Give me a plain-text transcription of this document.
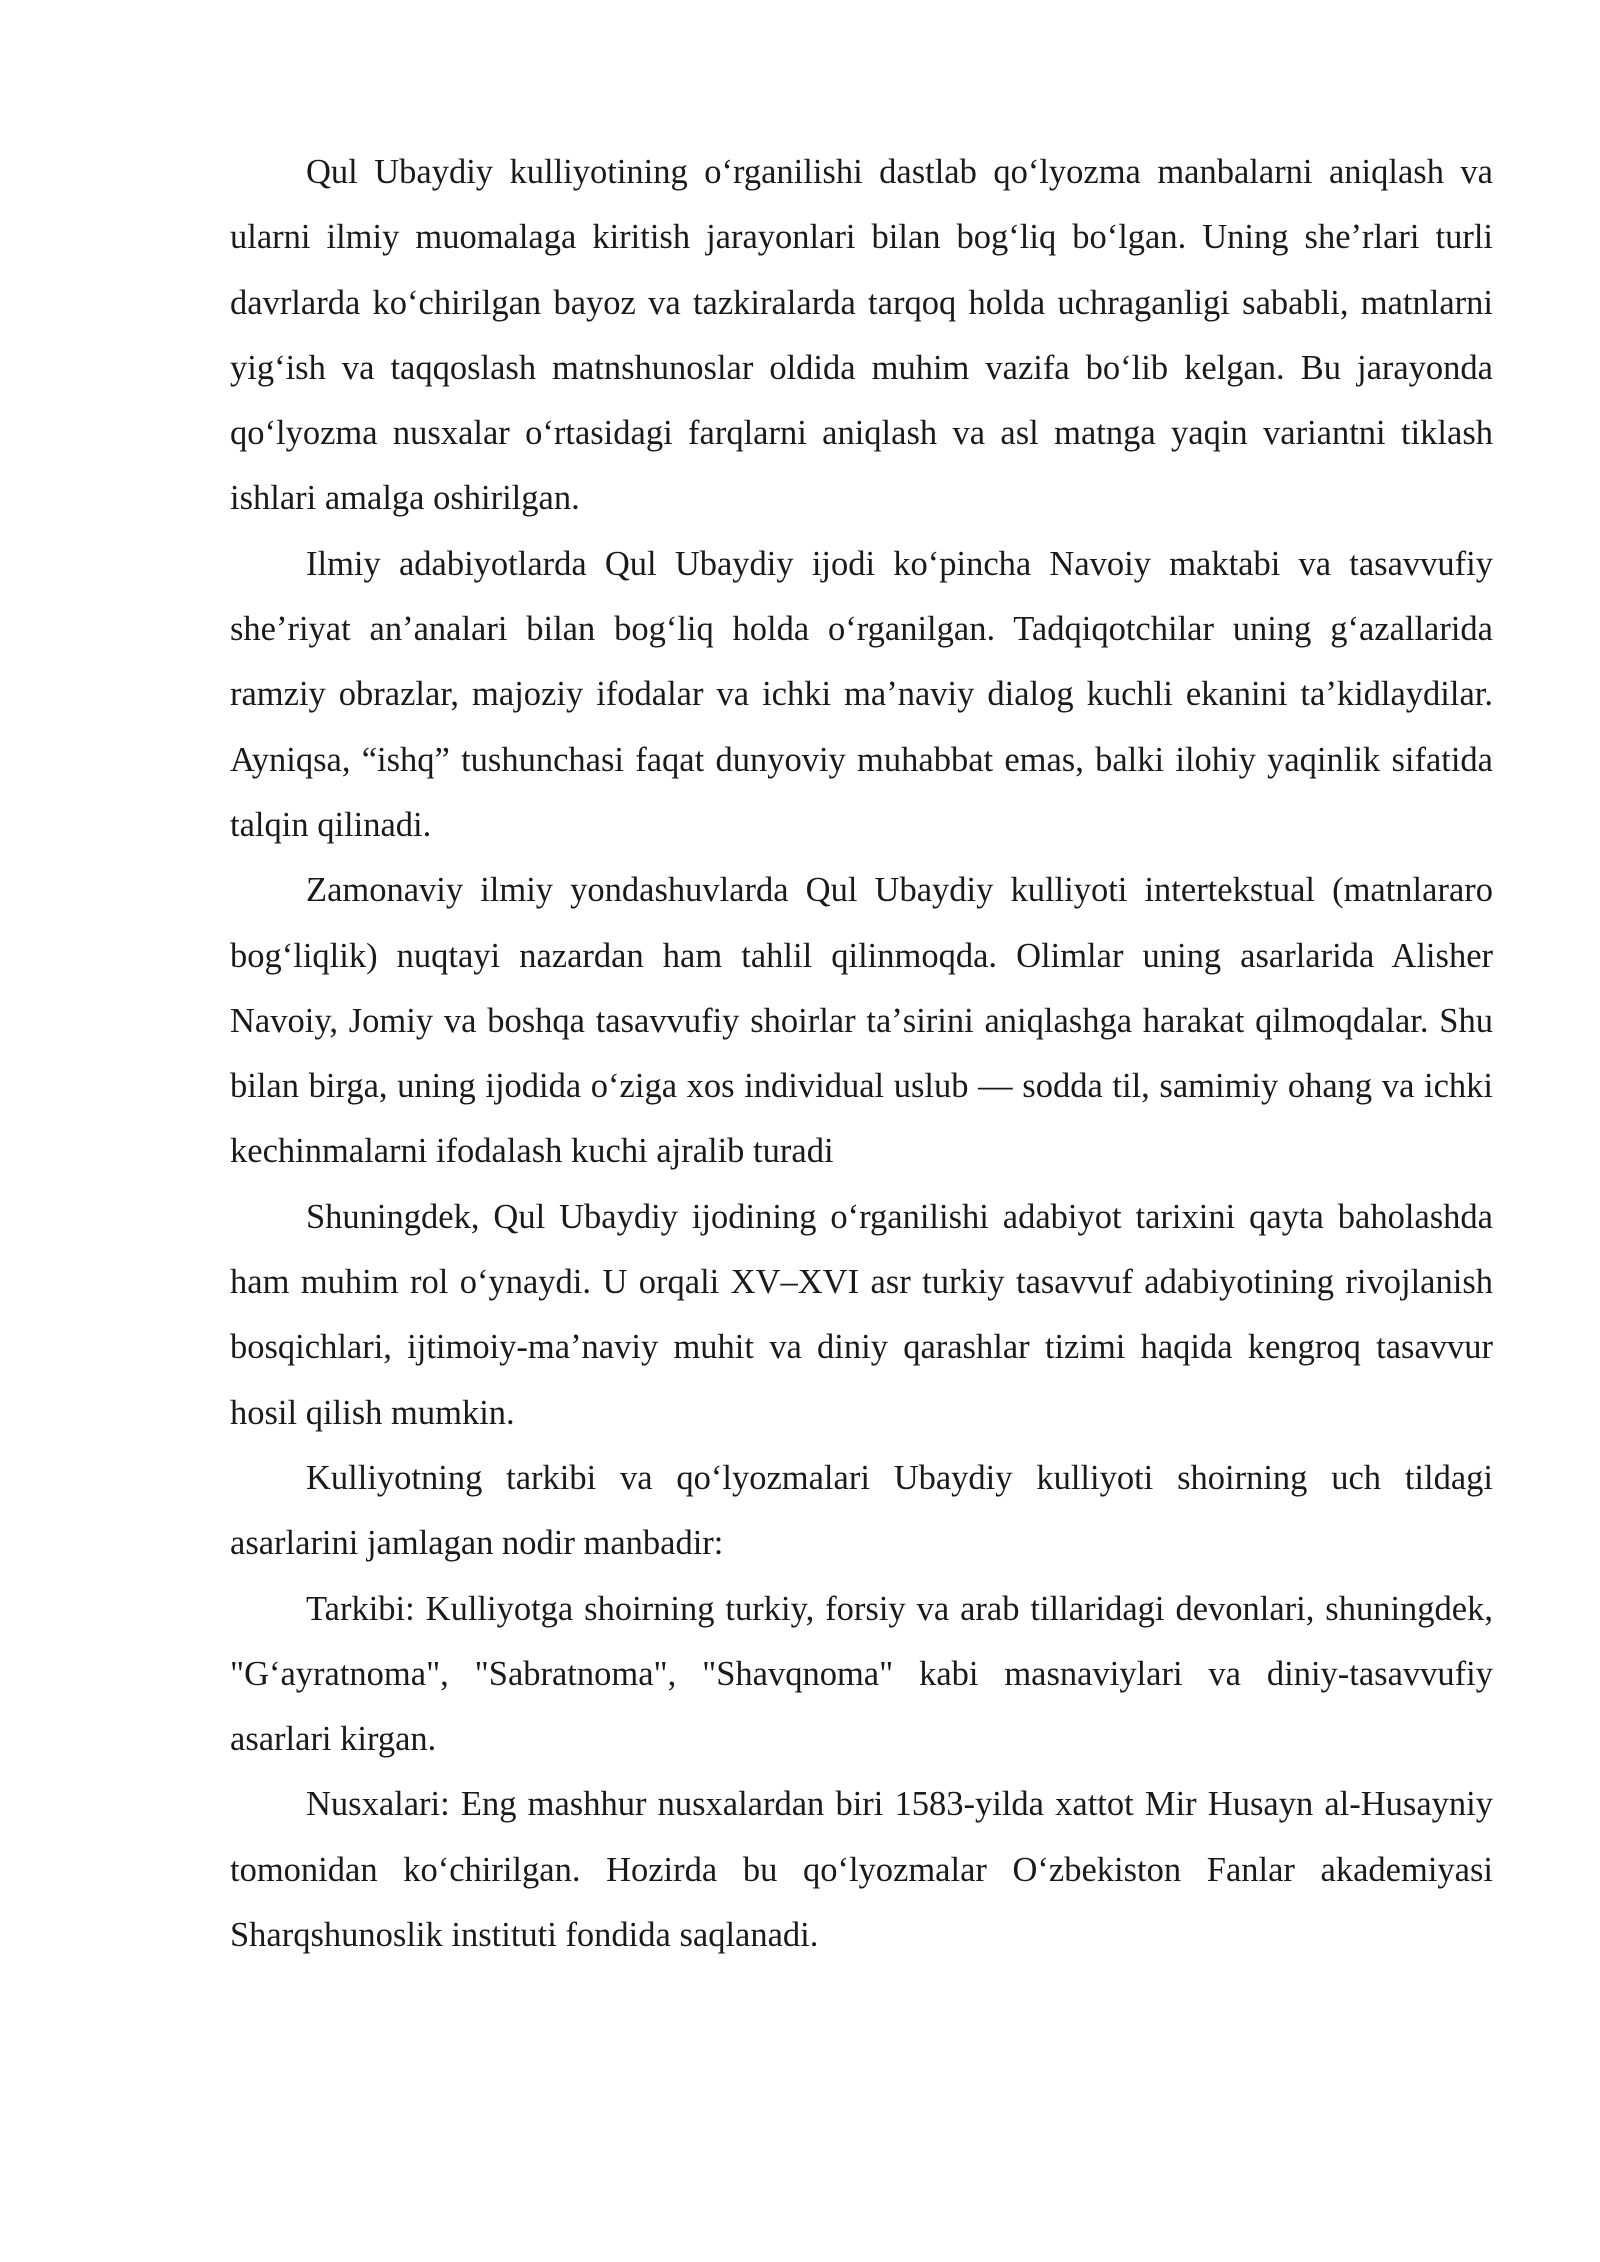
Qul Ubaydiy kulliyotining oʻrganilishi dastlab qoʻlyozma manbalarni aniqlash va ularni ilmiy muomalaga kiritish jarayonlari bilan bogʻliq boʻlgan. Uning sheʼrlari turli davrlarda koʻchirilgan bayoz va tazkiralarda tarqoq holda uchraganligi sababli, matnlarni yigʻish va taqqoslash matnshunoslar oldida muhim vazifa boʻlib kelgan. Bu jarayonda qoʻlyozma nusxalar oʻrtasidagi farqlarni aniqlash va asl matnga yaqin variantni tiklash ishlari amalga oshirilgan.

Ilmiy adabiyotlarda Qul Ubaydiy ijodi koʻpincha Navoiy maktabi va tasavvufiy sheʼriyat anʼanalari bilan bogʻliq holda oʻrganilgan. Tadqiqotchilar uning gʻazallarida ramziy obrazlar, majoziy ifodalar va ichki maʼnaviy dialog kuchli ekanini taʼkidlaydilar. Ayniqsa, “ishq” tushunchasi faqat dunyoviy muhabbat emas, balki ilohiy yaqinlik sifatida talqin qilinadi.

Zamonaviy ilmiy yondashuvlarda Qul Ubaydiy kulliyoti intertekstual (matnlararo bogʻliqlik) nuqtayi nazardan ham tahlil qilinmoqda. Olimlar uning asarlarida Alisher Navoiy, Jomiy va boshqa tasavvufiy shoirlar taʼsirini aniqlashga harakat qilmoqdalar. Shu bilan birga, uning ijodida oʻziga xos individual uslub — sodda til, samimiy ohang va ichki kechinmalarni ifodalash kuchi ajralib turadi

Shuningdek, Qul Ubaydiy ijodining oʻrganilishi adabiyot tarixini qayta baholashda ham muhim rol oʻynaydi. U orqali XV–XVI asr turkiy tasavvuf adabiyotining rivojlanish bosqichlari, ijtimoiy-maʼnaviy muhit va diniy qarashlar tizimi haqida kengroq tasavvur hosil qilish mumkin.

Kulliyotning tarkibi va qoʻlyozmalari Ubaydiy kulliyoti shoirning uch tildagi asarlarini jamlagan nodir manbadir:

Tarkibi: Kulliyotga shoirning turkiy, forsiy va arab tillaridagi devonlari, shuningdek, "Gʻayratnoma", "Sabratnoma", "Shavqnoma" kabi masnaviylari va diniy-tasavvufiy asarlari kirgan.

Nusxalari: Eng mashhur nusxalardan biri 1583-yilda xattot Mir Husayn al-Husayniy tomonidan koʻchirilgan. Hozirda bu qoʻlyozmalar Oʻzbekiston Fanlar akademiyasi Sharqshunoslik instituti fondida saqlanadi.
